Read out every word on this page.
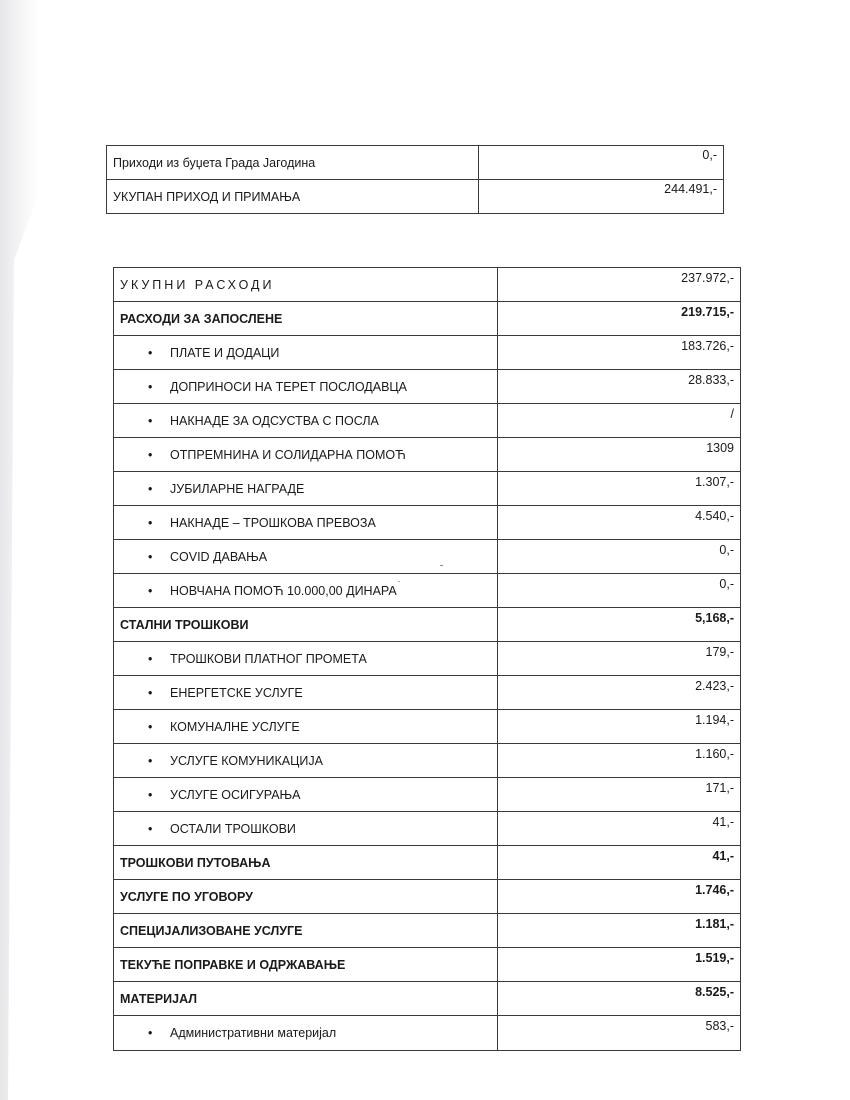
Приходи из буџета Града Јагодина	0,-
УКУПАН ПРИХОД И ПРИМАЊА	244.491,-
УКУПНИ РАСХОДИ	237.972,-
РАСХОДИ ЗА ЗАПОСЛЕНЕ	219.715,-
• ПЛАТЕ И ДОДАЦИ	183.726,-
• ДОПРИНОСИ НА ТЕРЕТ ПОСЛОДАВЦА	28.833,-
• НАКНАДЕ ЗА ОДСУСТВА С ПОСЛА	/
• ОТПРЕМНИНА И СОЛИДАРНА ПОМОЋ	1309
• ЈУБИЛАРНЕ НАГРАДЕ	1.307,-
• НАКНАДЕ – ТРОШКОВА ПРЕВОЗА	4.540,-
• COVID ДАВАЊА	0,-
• НОВЧАНА ПОМОЋ 10.000,00 ДИНАРА	0,-
СТАЛНИ ТРОШКОВИ	5,168,-
• ТРОШКОВИ ПЛАТНОГ ПРОМЕТА	179,-
• ЕНЕРГЕТСКЕ УСЛУГЕ	2.423,-
• КОМУНАЛНЕ УСЛУГЕ	1.194,-
• УСЛУГЕ КОМУНИКАЦИЈА	1.160,-
• УСЛУГЕ ОСИГУРАЊА	171,-
• ОСТАЛИ ТРОШКОВИ	41,-
ТРОШКОВИ ПУТОВАЊА	41,-
УСЛУГЕ ПО УГОВОРУ	1.746,-
СПЕЦИЈАЛИЗОВАНЕ УСЛУГЕ	1.181,-
ТЕКУЋЕ ПОПРАВКЕ И ОДРЖАВАЊЕ	1.519,-
МАТЕРИЈАЛ	8.525,-
• Административни материјал	583,-
